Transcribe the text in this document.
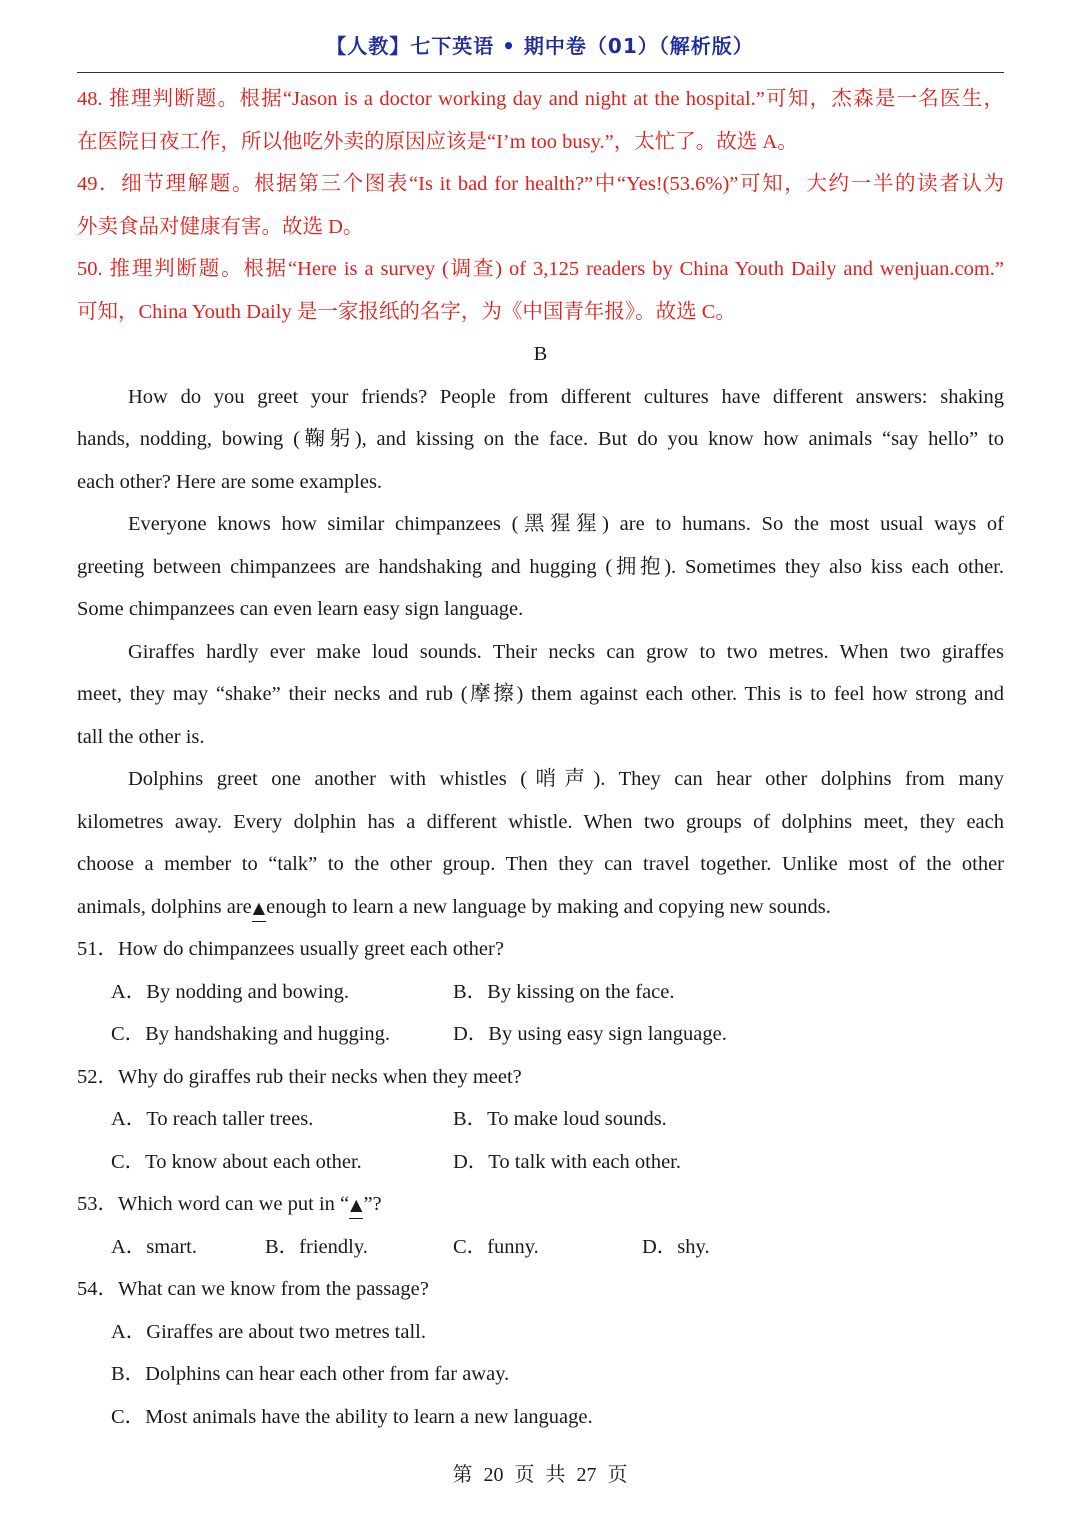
【人教】七下英语 • 期中卷（01）（解析版）
48. 推理判断题。根据“Jason is a doctor working day and night at the hospital.”可知，杰森是一名医生，
在医院日夜工作，所以他吃外卖的原因应该是“I’m too busy.”，太忙了。故选 A。
49．细节理解题。根据第三个图表“Is it bad for health?”中“Yes!(53.6%)”可知，大约一半的读者认为
外卖食品对健康有害。故选 D。
50. 推理判断题。根据“Here is a survey (调查) of 3,125 readers by China Youth Daily and wenjuan.com.”
可知，China Youth Daily 是一家报纸的名字，为《中国青年报》。故选 C。
B
How do you greet your friends? People from different cultures have different answers: shaking
hands, nodding, bowing (鞠躬), and kissing on the face. But do you know how animals “say hello” to
each other? Here are some examples.
Everyone knows how similar chimpanzees (黑猩猩) are to humans. So the most usual ways of
greeting between chimpanzees are handshaking and hugging (拥抱). Sometimes they also kiss each other.
Some chimpanzees can even learn easy sign language.
Giraffes hardly ever make loud sounds. Their necks can grow to two metres. When two giraffes
meet, they may “shake” their necks and rub (摩擦) them against each other. This is to feel how strong and
tall the other is.
Dolphins greet one another with whistles (哨声). They can hear other dolphins from many
kilometres away. Every dolphin has a different whistle. When two groups of dolphins meet, they each
choose a member to “talk” to the other group. Then they can travel together. Unlike most of the other
animals, dolphins are▲enough to learn a new language by making and copying new sounds.
51．How do chimpanzees usually greet each other?
A．By nodding and bowing.	B．By kissing on the face.
C．By handshaking and hugging.	D．By using easy sign language.
52．Why do giraffes rub their necks when they meet?
A．To reach taller trees.	B．To make loud sounds.
C．To know about each other.	D．To talk with each other.
53．Which word can we put in “▲”?
A．smart.	B．friendly.	C．funny.	D．shy.
54．What can we know from the passage?
A．Giraffes are about two metres tall.
B．Dolphins can hear each other from far away.
C．Most animals have the ability to learn a new language.
第 20 页 共 27 页
